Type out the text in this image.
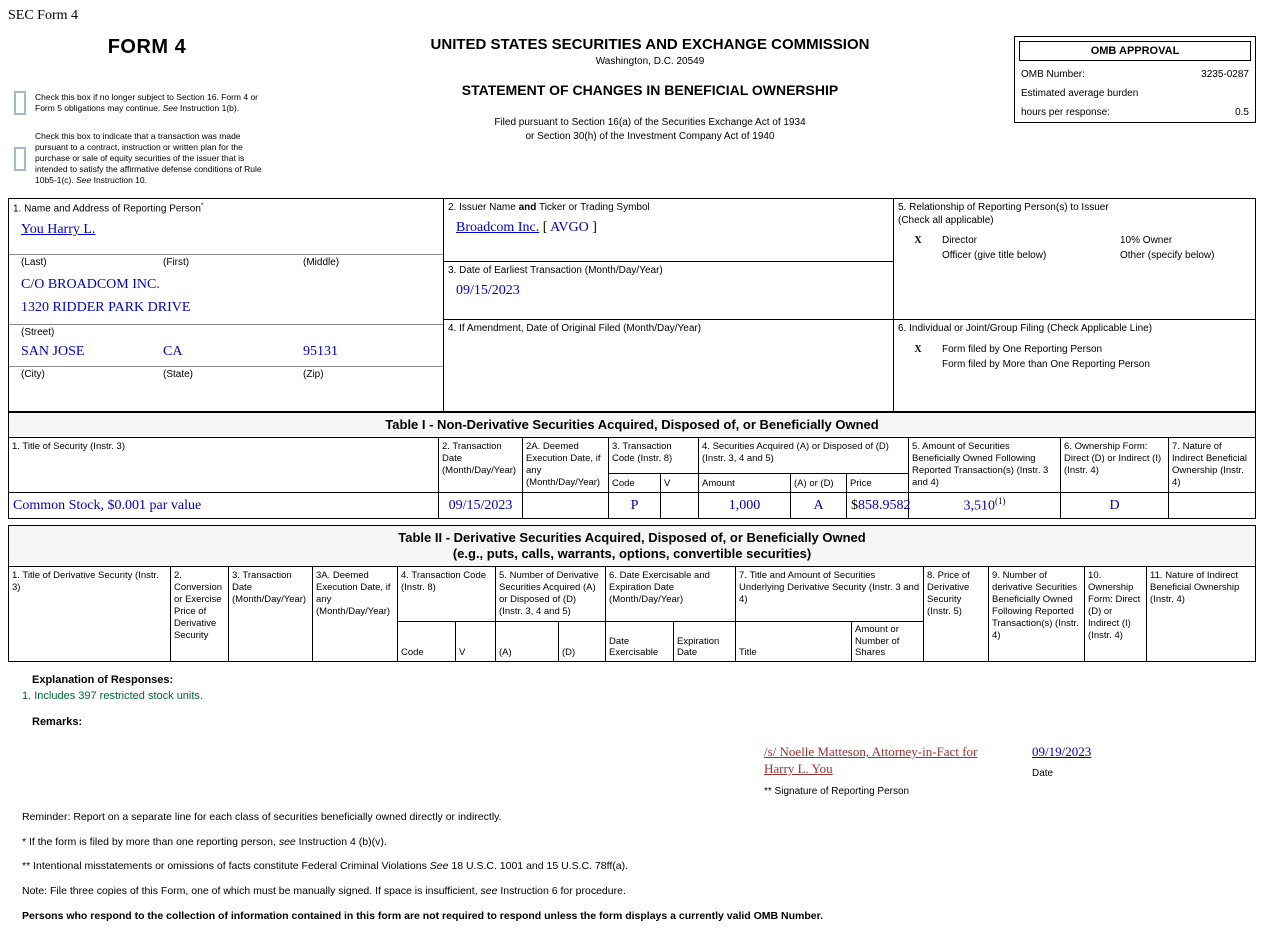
SEC Form 4
FORM 4
Check this box if no longer subject to Section 16. Form 4 or Form 5 obligations may continue. See Instruction 1(b).
Check this box to indicate that a transaction was made pursuant to a contract, instruction or written plan for the purchase or sale of equity securities of the issuer that is intended to satisfy the affirmative defense conditions of Rule 10b5-1(c). See Instruction 10.
UNITED STATES SECURITIES AND EXCHANGE COMMISSION
Washington, D.C. 20549
STATEMENT OF CHANGES IN BENEFICIAL OWNERSHIP
Filed pursuant to Section 16(a) of the Securities Exchange Act of 1934
or Section 30(h) of the Investment Company Act of 1940
OMB APPROVAL
OMB Number:	3235-0287
Estimated average burden
hours per response:	0.5
1. Name and Address of Reporting Person*
You Harry L.
(Last)	(First)	(Middle)
C/O BROADCOM INC.
1320 RIDDER PARK DRIVE
(Street)
SAN JOSE	CA	95131
(City)	(State)	(Zip)

2. Issuer Name and Ticker or Trading Symbol
Broadcom Inc. [ AVGO ]

5. Relationship of Reporting Person(s) to Issuer
(Check all applicable)
X	Director	10% Owner
	Officer (give title below)	Other (specify below)

3. Date of Earliest Transaction (Month/Day/Year)
09/15/2023

4. If Amendment, Date of Original Filed (Month/Day/Year)	6. Individual or Joint/Group Filing (Check Applicable Line)
X	Form filed by One Reporting Person
	Form filed by More than One Reporting Person
Table I - Non-Derivative Securities Acquired, Disposed of, or Beneficially Owned
1. Title of Security (Instr. 3)	2. Transaction Date (Month/Day/Year)	2A. Deemed Execution Date, if any (Month/Day/Year)	3. Transaction Code (Instr. 8)		4. Securities Acquired (A) or Disposed of (D) (Instr. 3, 4 and 5)			5. Amount of Securities Beneficially Owned Following Reported Transaction(s) (Instr. 3 and 4)	6. Ownership Form: Direct (D) or Indirect (I) (Instr. 4)	7. Nature of Indirect Beneficial Ownership (Instr. 4)
			Code	V	Amount	(A) or (D)	Price			
Common Stock, $0.001 par value	09/15/2023		P		1,000	A	$858.9582	3,510$^{(1)}$	D	
Table II - Derivative Securities Acquired, Disposed of, or Beneficially Owned
(e.g., puts, calls, warrants, options, convertible securities)
1. Title of Derivative Security (Instr. 3)	2. Conversion or Exercise Price of Derivative Security	3. Transaction Date (Month/Day/Year)	3A. Deemed Execution Date, if any (Month/Day/Year)	4. Transaction Code (Instr. 8)		5. Number of Derivative Securities Acquired (A) or Disposed of (D) (Instr. 3, 4 and 5)		6. Date Exercisable and Expiration Date (Month/Day/Year)		7. Title and Amount of Securities Underlying Derivative Security (Instr. 3 and 4)		8. Price of Derivative Security (Instr. 5)	9. Number of derivative Securities Beneficially Owned Following Reported Transaction(s) (Instr. 4)	10. Ownership Form: Direct (D) or Indirect (I) (Instr. 4)	11. Nature of Indirect Beneficial Ownership (Instr. 4)
				Code	V	(A)	(D)	Date Exercisable	Expiration Date	Title	Amount or Number of Shares				
Explanation of Responses:
1. Includes 397 restricted stock units.
Remarks:
/s/ Noelle Matteson, Attorney-in-Fact for Harry L. You
** Signature of Reporting Person
09/19/2023
Date

Reminder: Report on a separate line for each class of securities beneficially owned directly or indirectly.

* If the form is filed by more than one reporting person, see Instruction 4 (b)(v).

** Intentional misstatements or omissions of facts constitute Federal Criminal Violations See 18 U.S.C. 1001 and 15 U.S.C. 78ff(a).

Note: File three copies of this Form, one of which must be manually signed. If space is insufficient, see Instruction 6 for procedure.

Persons who respond to the collection of information contained in this form are not required to respond unless the form displays a currently valid OMB Number.
